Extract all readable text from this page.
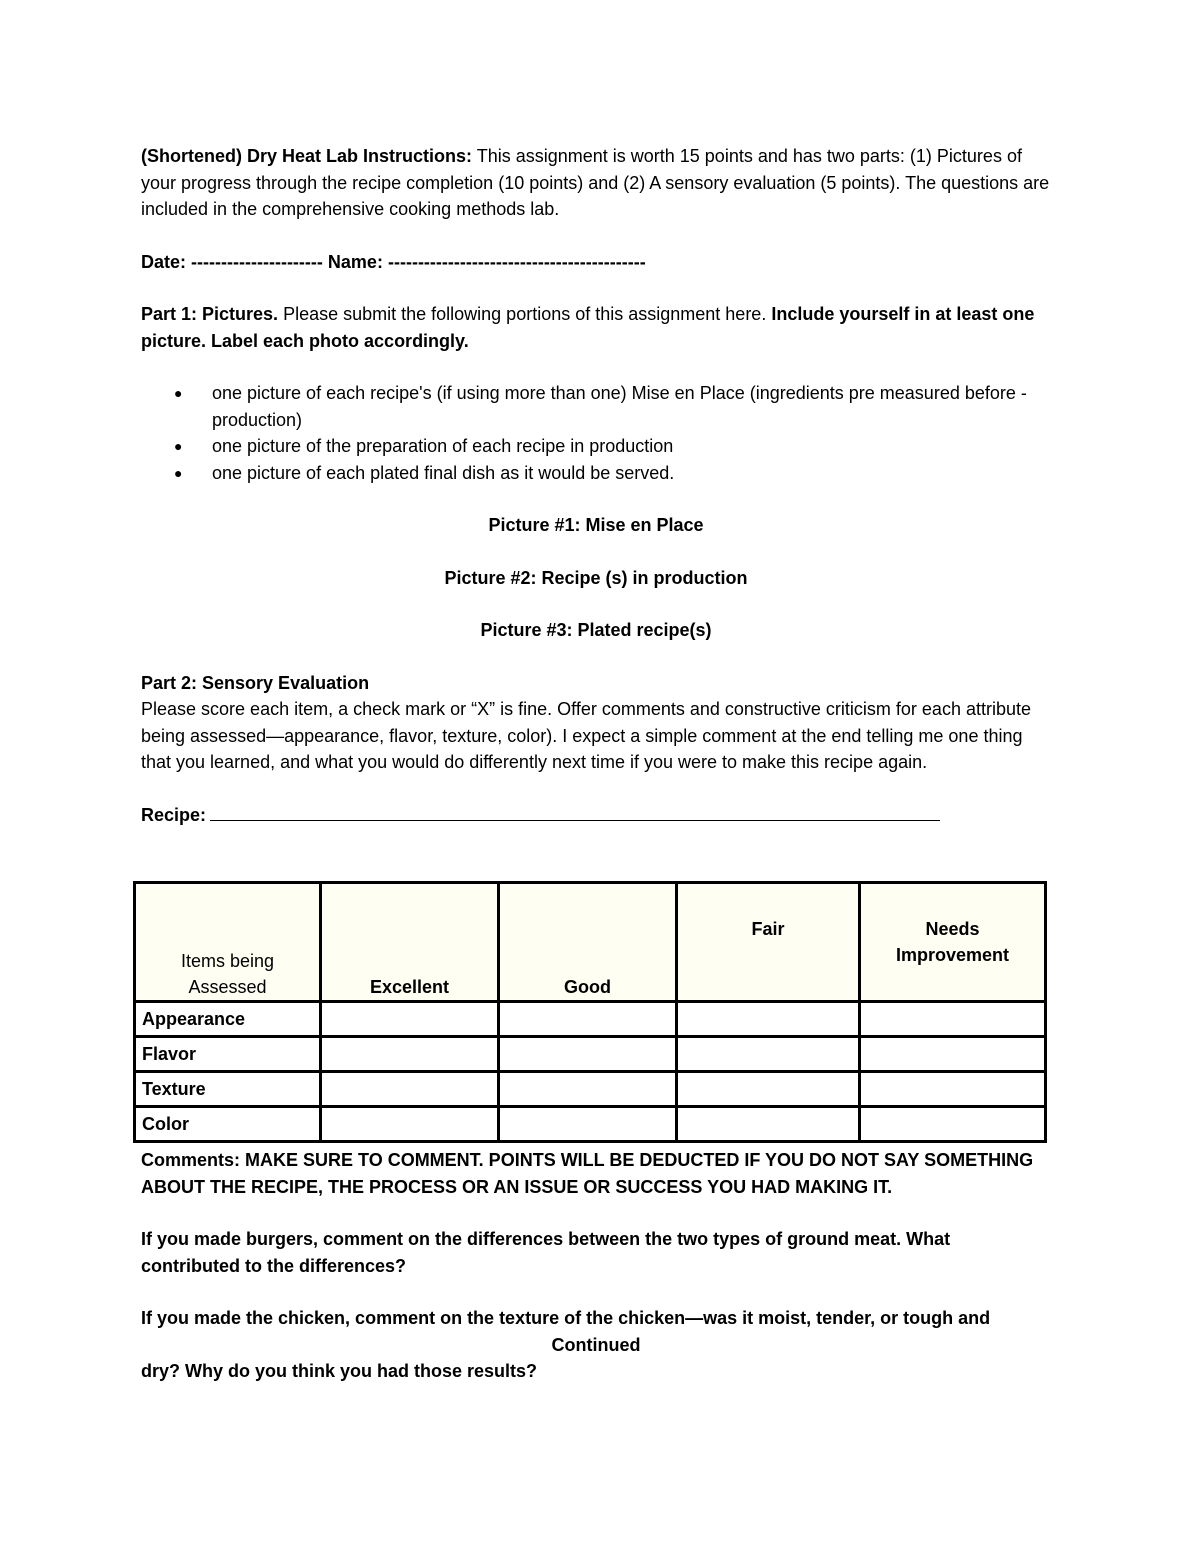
(Shortened) Dry Heat Lab Instructions: This assignment is worth 15 points and has two parts: (1) Pictures of your progress through the recipe completion (10 points) and (2) A sensory evaluation (5 points). The questions are included in the comprehensive cooking methods lab.

Date: ---------------------- Name: -------------------------------------------

Part 1: Pictures. Please submit the following portions of this assignment here. Include yourself in at least one picture. Label each photo accordingly.

● one picture of each recipe's (if using more than one) Mise en Place (ingredients pre measured before -production)
● one picture of the preparation of each recipe in production
● one picture of each plated final dish as it would be served.

Picture #1: Mise en Place

Picture #2: Recipe (s) in production

Picture #3: Plated recipe(s)

Part 2: Sensory Evaluation

Please score each item, a check mark or “X” is fine. Offer comments and constructive criticism for each attribute being assessed—appearance, flavor, texture, color). I expect a simple comment at the end telling me one thing that you learned, and what you would do differently next time if you were to make this recipe again.

Recipe:

Items being
Assessed	Excellent	Good	Fair	Needs
Improvement

Appearance				
Flavor				
Texture				
Color				

Comments: MAKE SURE TO COMMENT. POINTS WILL BE DEDUCTED IF YOU DO NOT SAY SOMETHING ABOUT THE RECIPE, THE PROCESS OR AN ISSUE OR SUCCESS YOU HAD MAKING IT.

If you made burgers, comment on the differences between the two types of ground meat. What contributed to the differences?

If you made the chicken, comment on the texture of the chicken—was it moist, tender, or tough and

Continued

dry? Why do you think you had those results?
